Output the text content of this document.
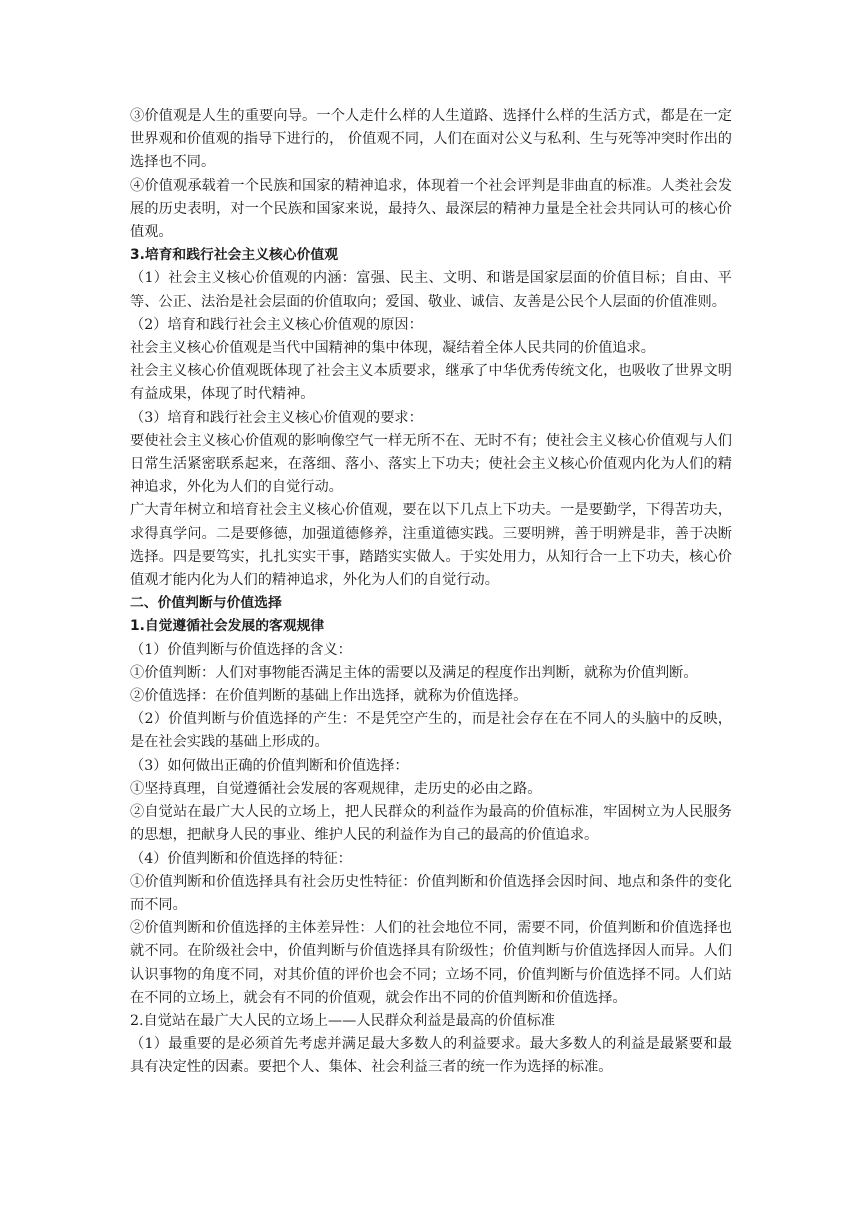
③价值观是人生的重要向导。一个人走什么样的人生道路、选择什么样的生活方式，都是在一定世界观和价值观的指导下进行的， 价值观不同，人们在面对公义与私利、生与死等冲突时作出的选择也不同。

④价值观承载着一个民族和国家的精神追求，体现着一个社会评判是非曲直的标准。人类社会发展的历史表明，对一个民族和国家来说，最持久、最深层的精神力量是全社会共同认可的核心价值观。

3.培育和践行社会主义核心价值观

（1）社会主义核心价值观的内涵：富强、民主、文明、和谐是国家层面的价值目标；自由、平等、公正、法治是社会层面的价值取向；爱国、敬业、诚信、友善是公民个人层面的价值准则。

（2）培育和践行社会主义核心价值观的原因：

社会主义核心价值观是当代中国精神的集中体现，凝结着全体人民共同的价值追求。

社会主义核心价值观既体现了社会主义本质要求，继承了中华优秀传统文化，也吸收了世界文明有益成果，体现了时代精神。

（3）培育和践行社会主义核心价值观的要求：

要使社会主义核心价值观的影响像空气一样无所不在、无时不有；使社会主义核心价值观与人们日常生活紧密联系起来，在落细、落小、落实上下功夫；使社会主义核心价值观内化为人们的精神追求，外化为人们的自觉行动。

广大青年树立和培育社会主义核心价值观，要在以下几点上下功夫。一是要勤学，下得苦功夫，求得真学问。二是要修德，加强道德修养，注重道德实践。三要明辨，善于明辨是非，善于决断选择。四是要笃实，扎扎实实干事，踏踏实实做人。于实处用力，从知行合一上下功夫，核心价值观才能内化为人们的精神追求，外化为人们的自觉行动。

二、价值判断与价值选择

1.自觉遵循社会发展的客观规律

（1）价值判断与价值选择的含义：

①价值判断：人们对事物能否满足主体的需要以及满足的程度作出判断，就称为价值判断。

②价值选择：在价值判断的基础上作出选择，就称为价值选择。

（2）价值判断与价值选择的产生：不是凭空产生的，而是社会存在在不同人的头脑中的反映，是在社会实践的基础上形成的。

（3）如何做出正确的价值判断和价值选择：

①坚持真理，自觉遵循社会发展的客观规律，走历史的必由之路。

②自觉站在最广大人民的立场上，把人民群众的利益作为最高的价值标准，牢固树立为人民服务的思想，把献身人民的事业、维护人民的利益作为自己的最高的价值追求。

（4）价值判断和价值选择的特征：

①价值判断和价值选择具有社会历史性特征：价值判断和价值选择会因时间、地点和条件的变化而不同。

②价值判断和价值选择的主体差异性：人们的社会地位不同，需要不同，价值判断和价值选择也就不同。在阶级社会中，价值判断与价值选择具有阶级性；价值判断与价值选择因人而异。人们认识事物的角度不同，对其价值的评价也会不同；立场不同，价值判断与价值选择不同。人们站在不同的立场上，就会有不同的价值观，就会作出不同的价值判断和价值选择。

2.自觉站在最广大人民的立场上——人民群众利益是最高的价值标准

（1）最重要的是必须首先考虑并满足最大多数人的利益要求。最大多数人的利益是最紧要和最具有决定性的因素。要把个人、集体、社会利益三者的统一作为选择的标准。
